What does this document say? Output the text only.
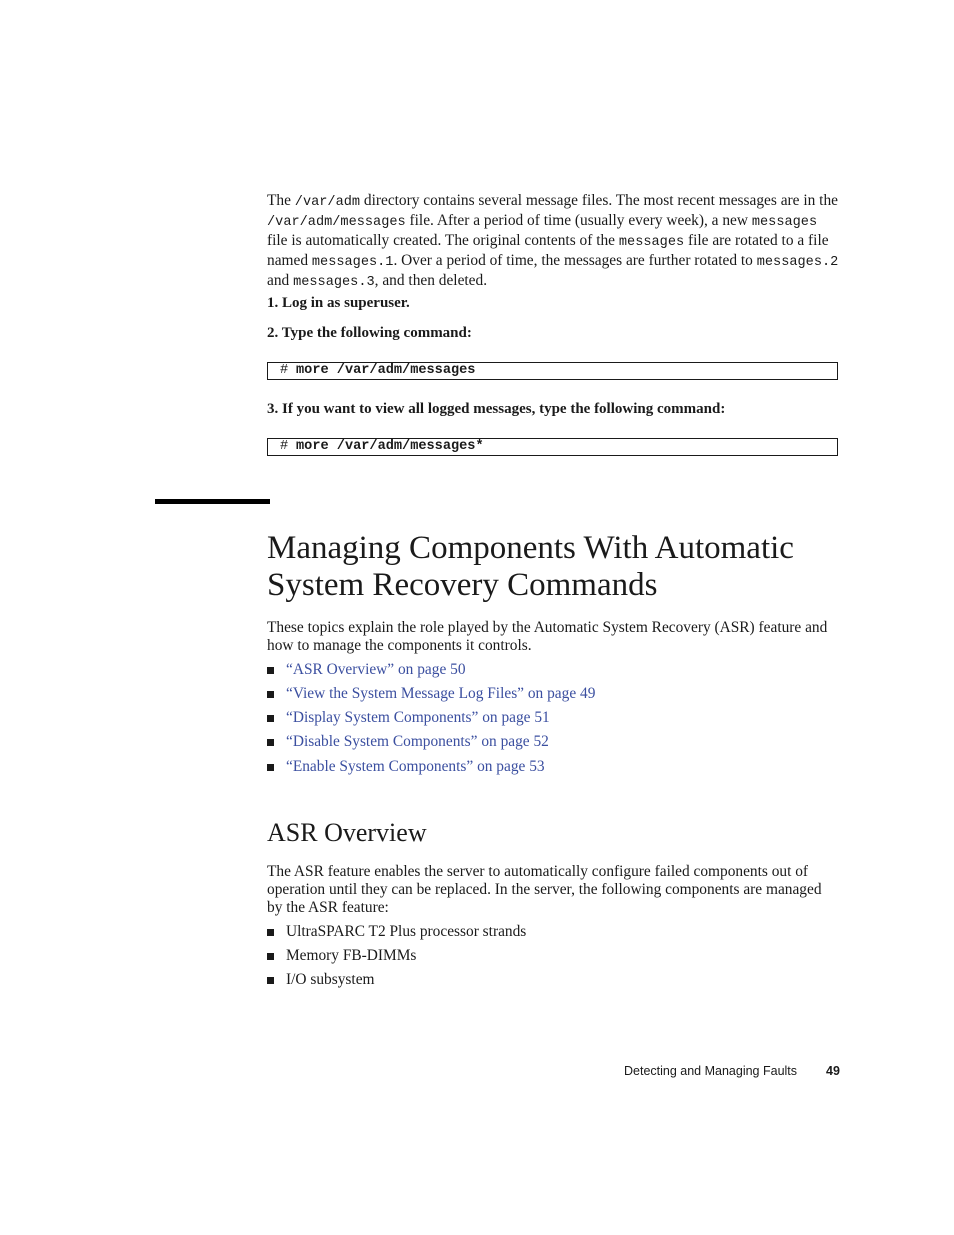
The /var/adm directory contains several message files. The most recent messages are in the /var/adm/messages file. After a period of time (usually every week), a new messages file is automatically created. The original contents of the messages file are rotated to a file named messages.1. Over a period of time, the messages are further rotated to messages.2 and messages.3, and then deleted.

1. Log in as superuser.
2. Type the following command:
# more /var/adm/messages
3. If you want to view all logged messages, type the following command:
# more /var/adm/messages*
Managing Components With Automatic
System Recovery Commands

These topics explain the role played by the Automatic System Recovery (ASR) feature and how to manage the components it controls.

“ASR Overview” on page 50
“View the System Message Log Files” on page 49
“Display System Components” on page 51
“Disable System Components” on page 52
“Enable System Components” on page 53
ASR Overview

The ASR feature enables the server to automatically configure failed components out of operation until they can be replaced. In the server, the following components are managed by the ASR feature:

UltraSPARC T2 Plus processor strands
Memory FB-DIMMs
I/O subsystem
Detecting and Managing Faults 49
